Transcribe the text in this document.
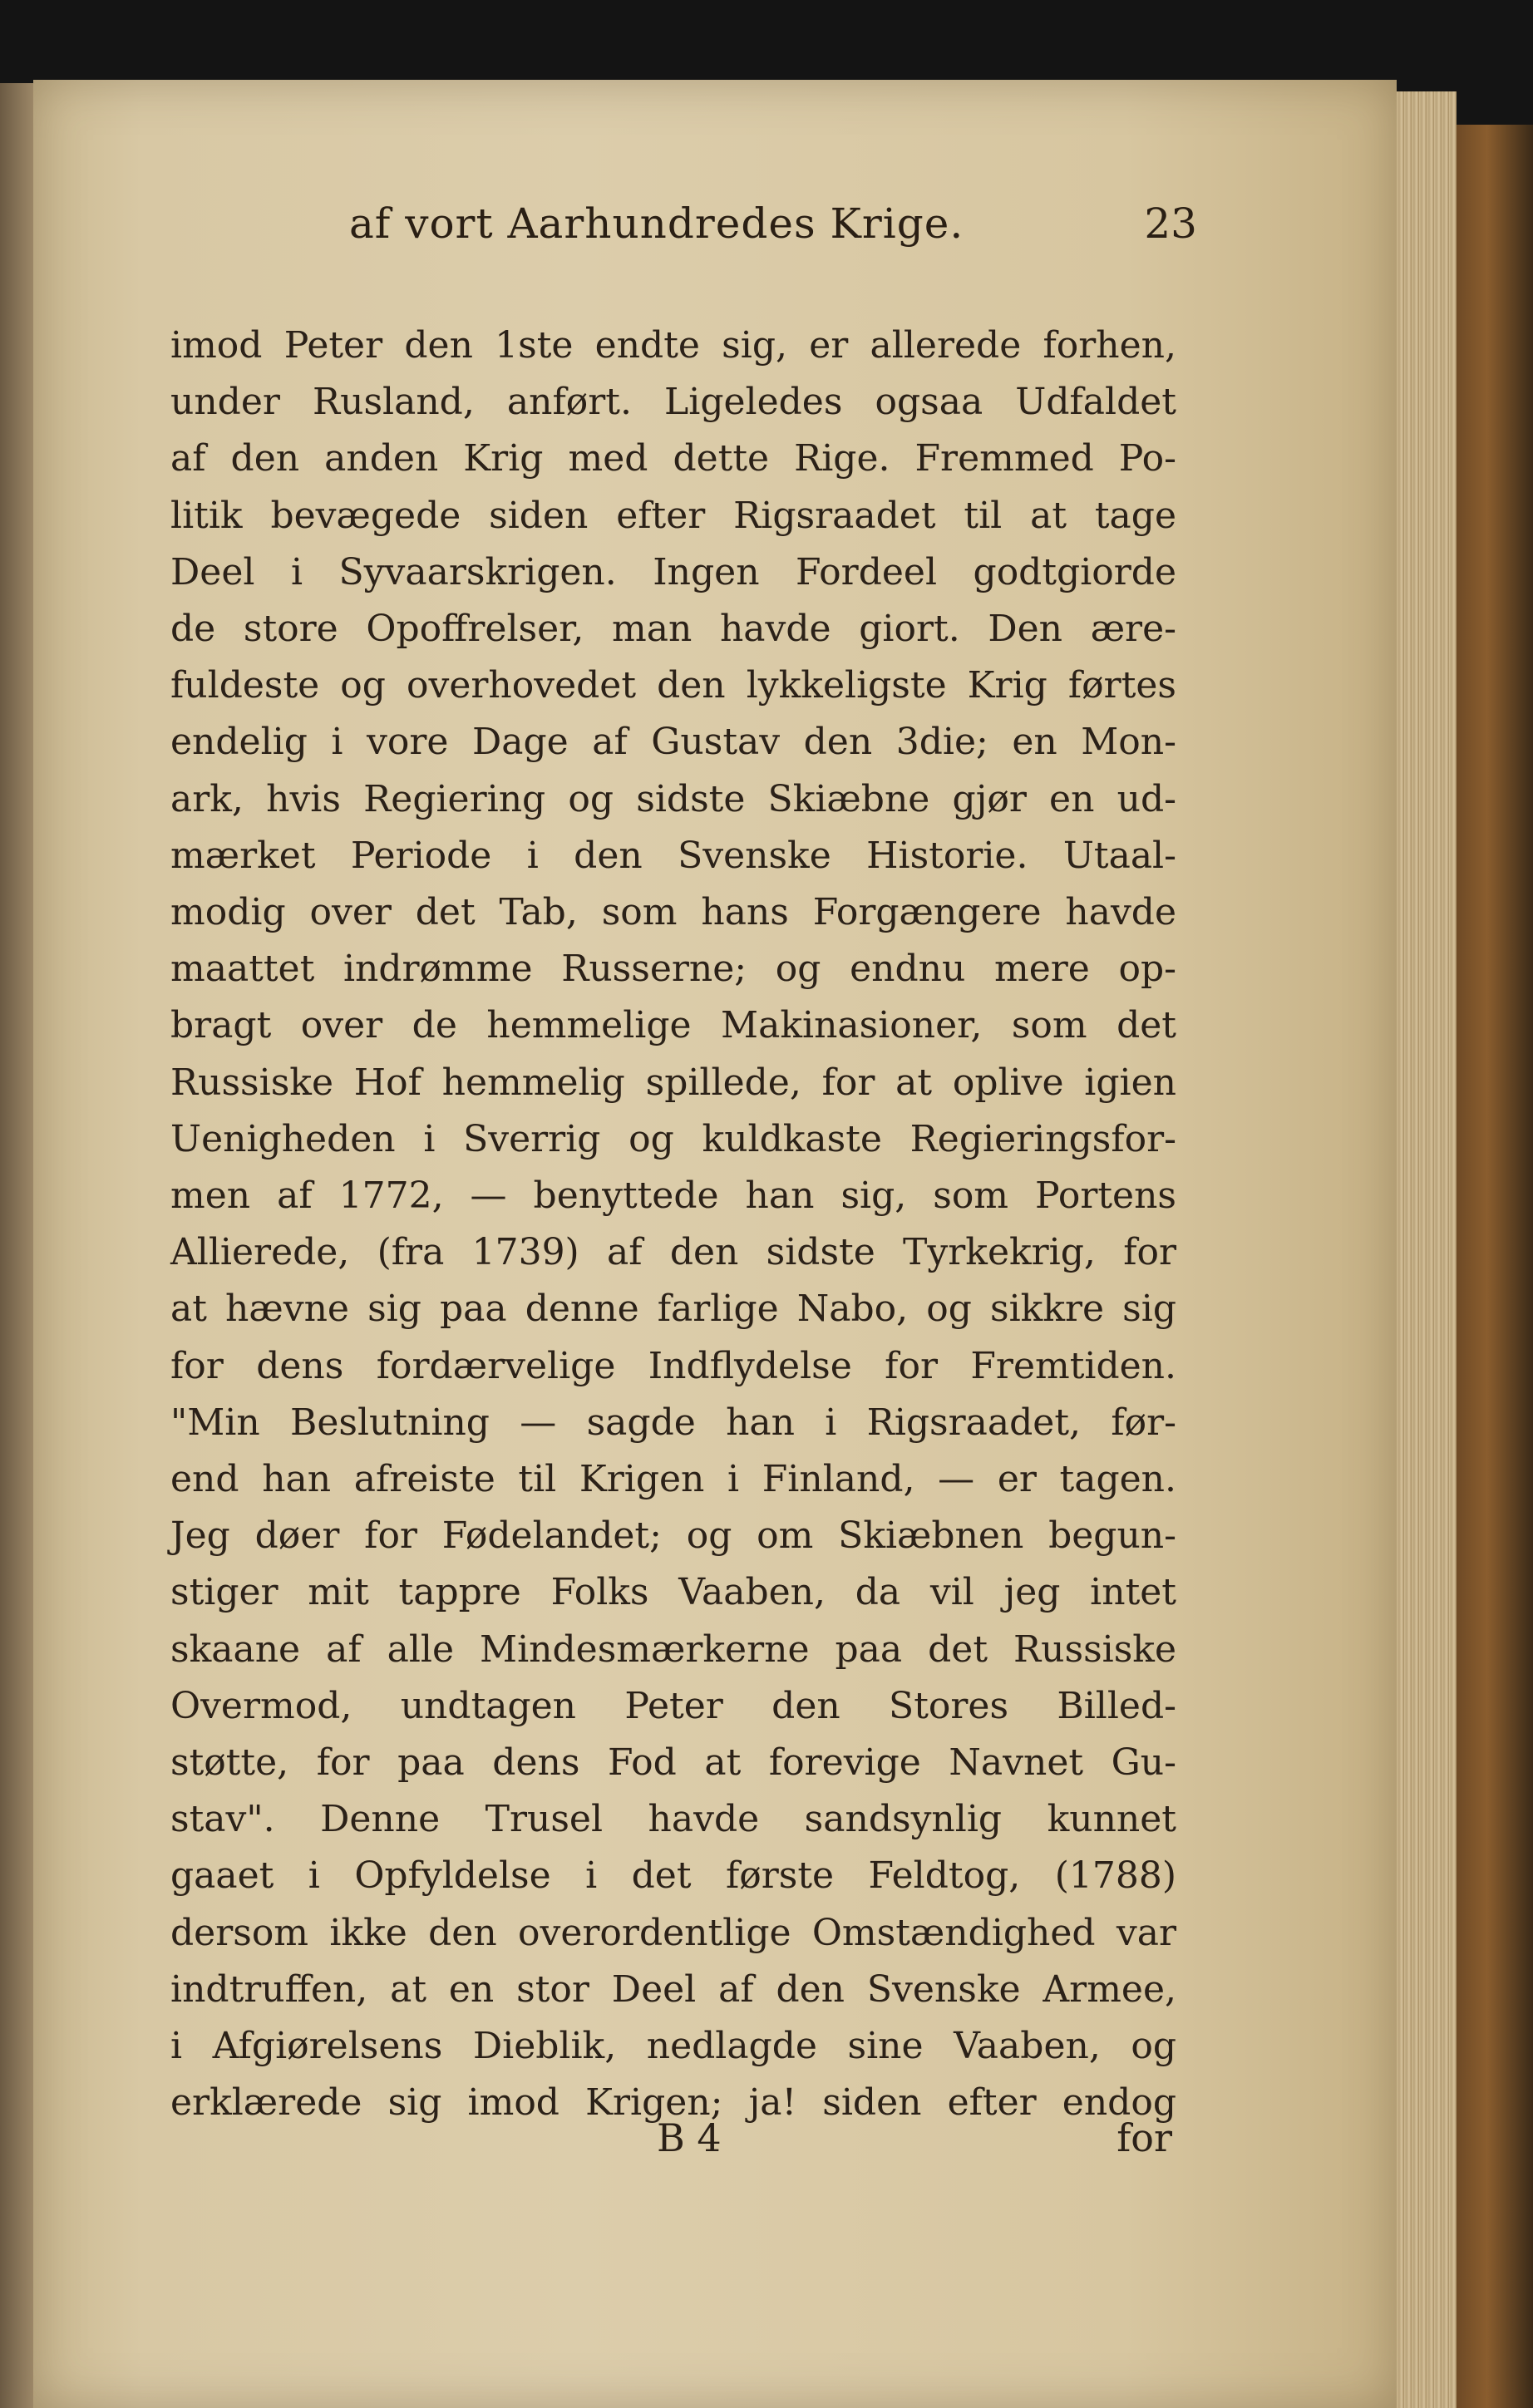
af vort Aarhundredes Krige.	23
imod Peter den 1ste endte sig, er allerede forhen,
under Rusland, anført. Ligeledes ogsaa Udfaldet
af den anden Krig med dette Rige. Fremmed Po-
litik bevægede siden efter Rigsraadet til at tage
Deel i Syvaarskrigen. Ingen Fordeel godtgiorde
de store Opoffrelser, man havde giort. Den ære-
fuldeste og overhovedet den lykkeligste Krig førtes
endelig i vore Dage af Gustav den 3die; en Mon-
ark, hvis Regiering og sidste Skiæbne gjør en ud-
mærket Periode i den Svenske Historie. Utaal-
modig over det Tab, som hans Forgængere havde
maattet indrømme Russerne; og endnu mere op-
bragt over de hemmelige Makinasioner, som det
Russiske Hof hemmelig spillede, for at oplive igien
Uenigheden i Sverrig og kuldkaste Regieringsfor-
men af 1772, — benyttede han sig, som Portens
Allierede, (fra 1739) af den sidste Tyrkekrig, for
at hævne sig paa denne farlige Nabo, og sikkre sig
for dens fordærvelige Indflydelse for Fremtiden.
"Min Beslutning — sagde han i Rigsraadet, før-
end han afreiste til Krigen i Finland, — er tagen.
Jeg døer for Fødelandet; og om Skiæbnen begun-
stiger mit tappre Folks Vaaben, da vil jeg intet
skaane af alle Mindesmærkerne paa det Russiske
Overmod, undtagen Peter den Stores Billed-
støtte, for paa dens Fod at forevige Navnet Gu-
stav". Denne Trusel havde sandsynlig kunnet
gaaet i Opfyldelse i det første Feldtog, (1788)
dersom ikke den overordentlige Omstændighed var
indtruffen, at en stor Deel af den Svenske Armee,
i Afgiørelsens Dieblik, nedlagde sine Vaaben, og
erklærede sig imod Krigen; ja! siden efter endog
B 4	for
